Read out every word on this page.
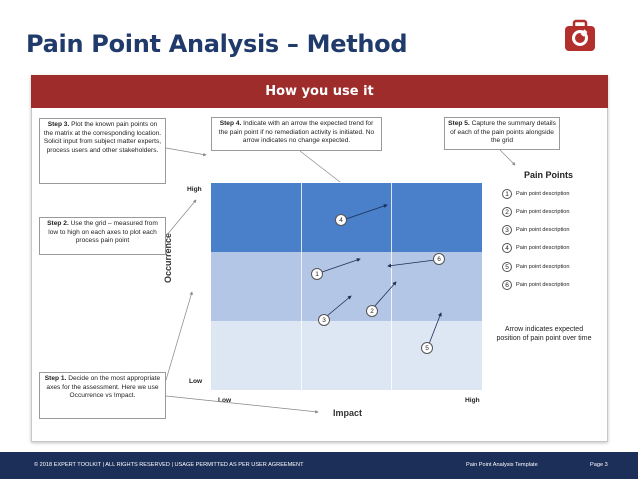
Pain Point Analysis – Method
How you use it
Step 3. Plot the known pain points on the matrix at the corresponding location. Solicit input from subject matter experts, process users and other stakeholders.
Step 4. Indicate with an arrow the expected trend for the pain point if no remediation activity is initiated. No arrow indicates no change expected.
Step 5. Capture the summary details of each of the pain points alongside the grid
Step 2. Use the grid – measured from low to high on each axes to plot each process pain point
Step 1. Decide on the most appropriate axes for the assessment. Here we use Occurrence vs Impact.
High
Low
Low	High
Impact
Occurrence	1
2
3
4
5
6
Pain Points
1	Pain point description
2	Pain point description
3	Pain point description
4	Pain point description
5	Pain point description
6	Pain point description
Arrow indicates expected position of pain point over time
© 2018 EXPERT TOOLKIT | ALL RIGHTS RESERVED | USAGE PERMITTED AS PER USER AGREEMENT	Pain Point Analysis Template	Page 3
